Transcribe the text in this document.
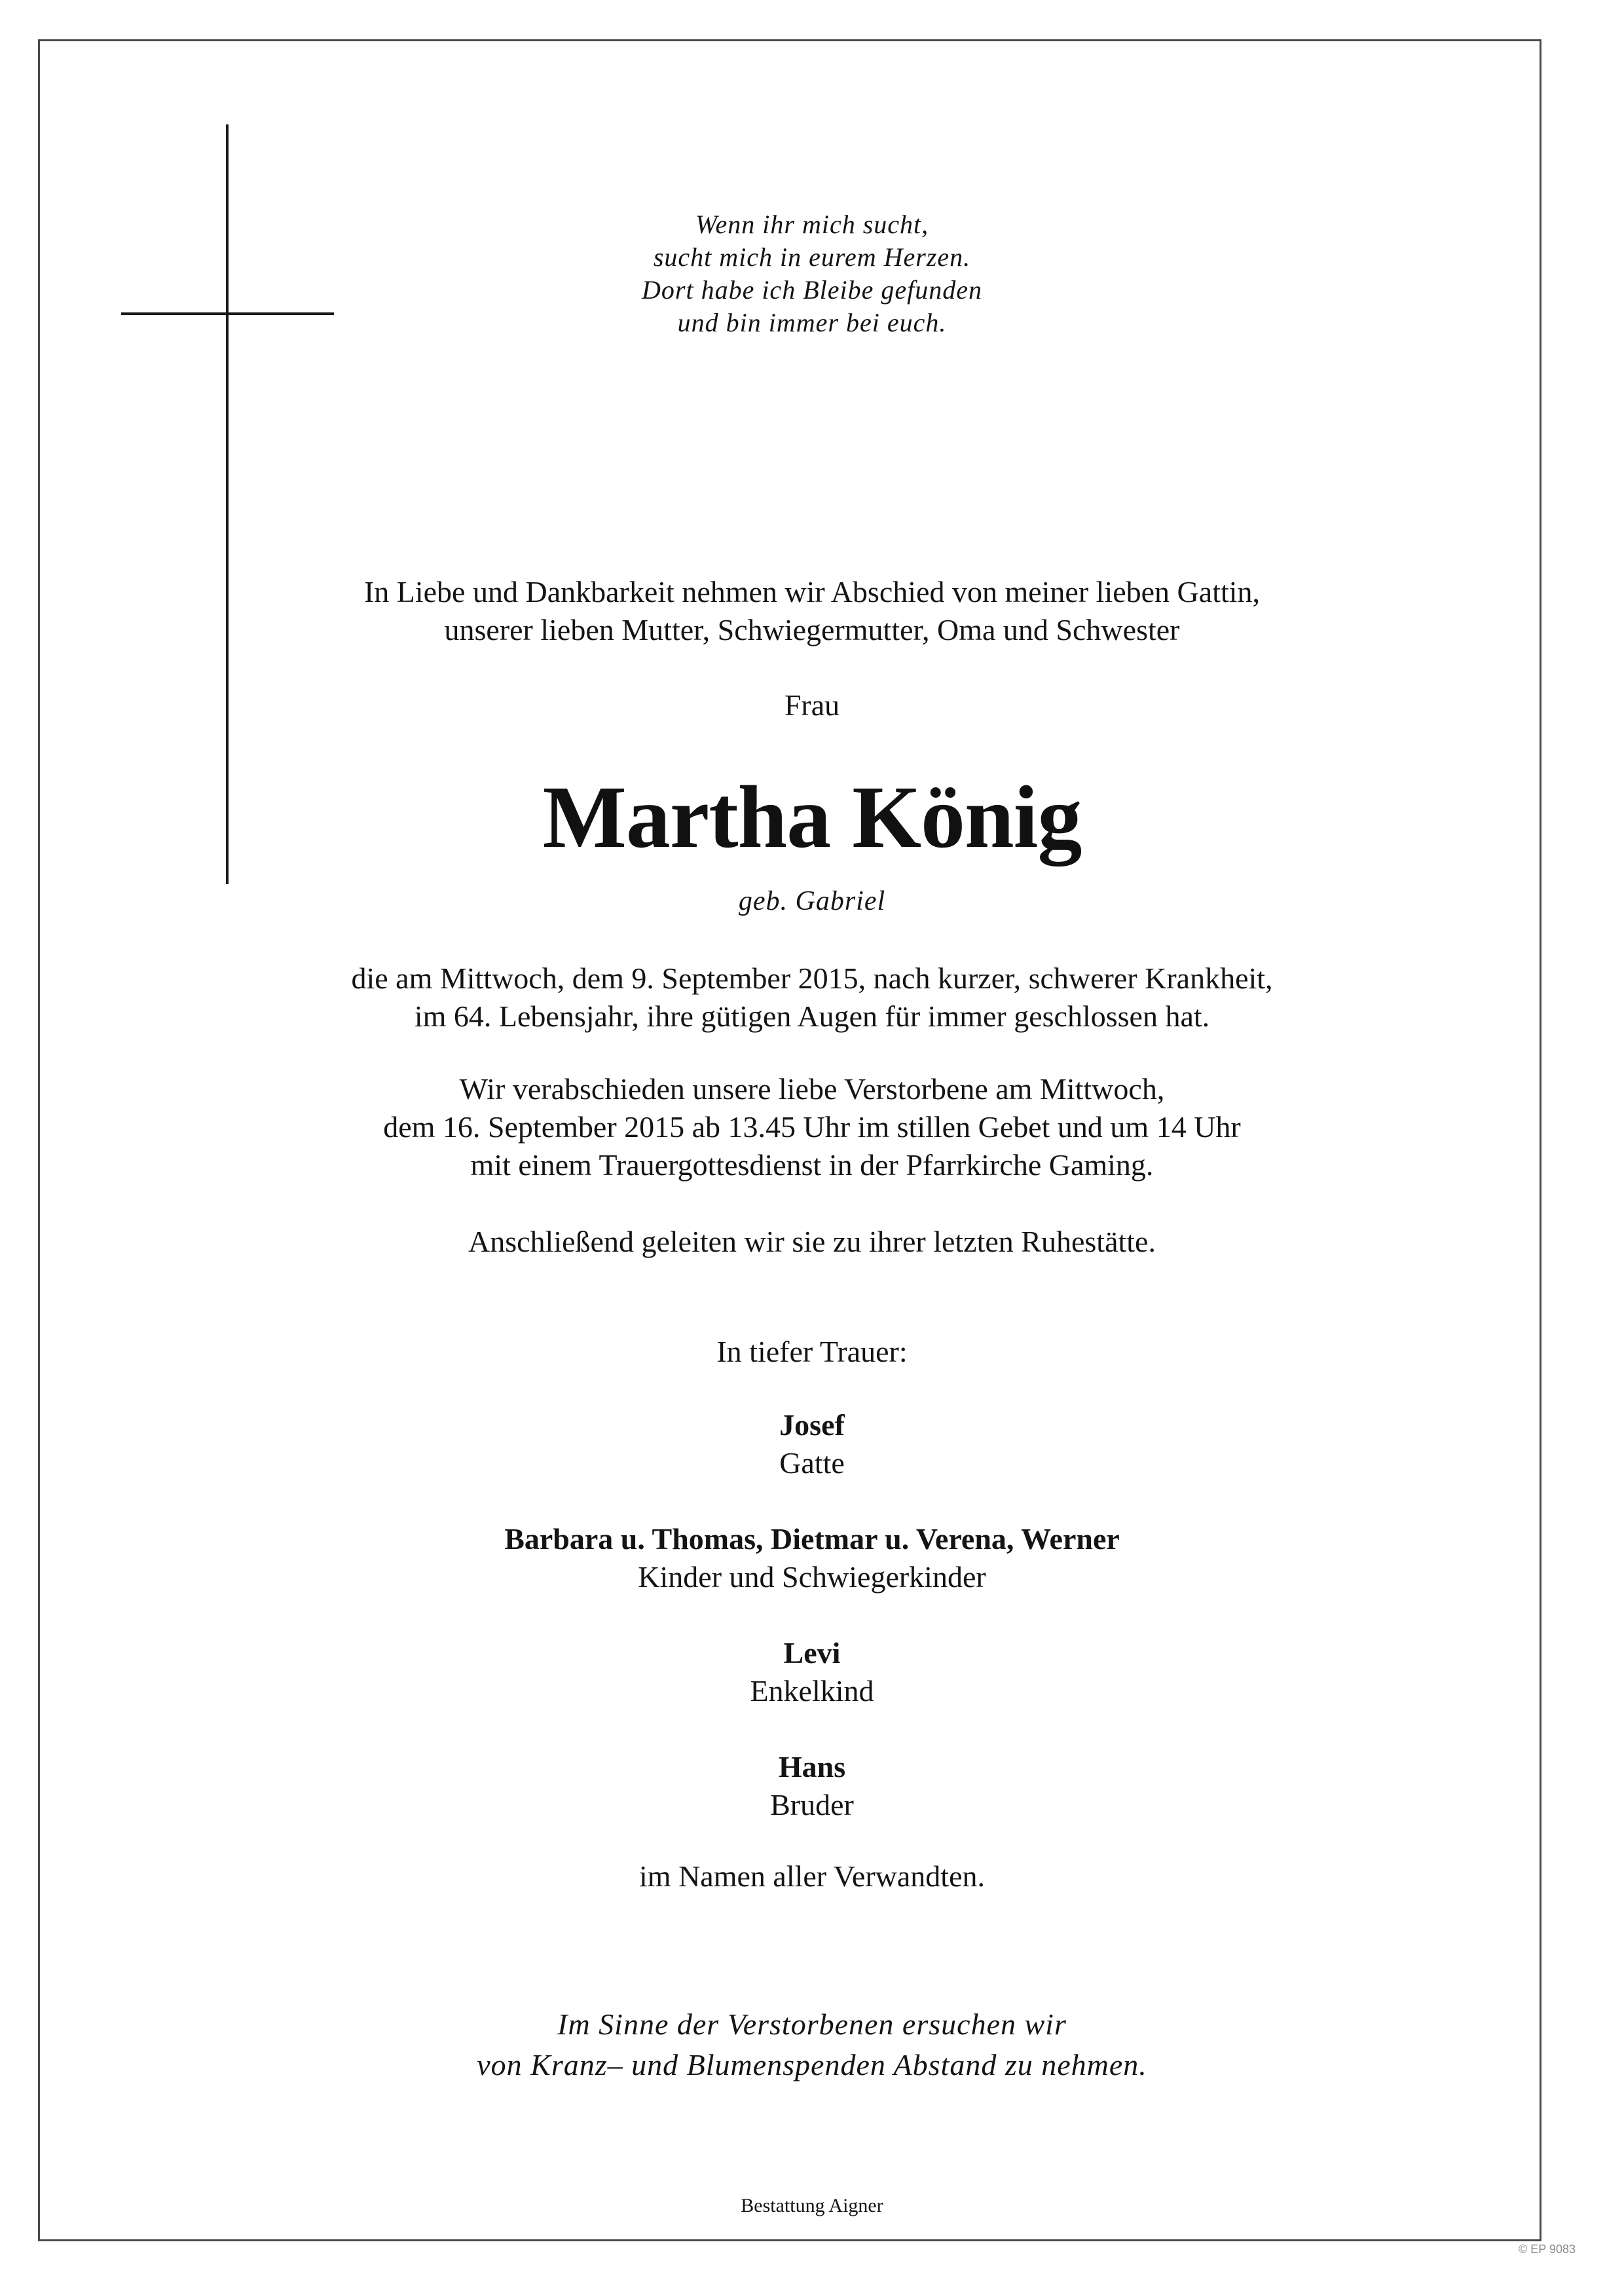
Wenn ihr mich sucht,
sucht mich in eurem Herzen.
Dort habe ich Bleibe gefunden
und bin immer bei euch.
In Liebe und Dankbarkeit nehmen wir Abschied von meiner lieben Gattin,
unserer lieben Mutter, Schwiegermutter, Oma und Schwester
Frau
Martha König
geb. Gabriel
die am Mittwoch, dem 9. September 2015, nach kurzer, schwerer Krankheit,
im 64. Lebensjahr, ihre gütigen Augen für immer geschlossen hat.
Wir verabschieden unsere liebe Verstorbene am Mittwoch,
dem 16. September 2015 ab 13.45 Uhr im stillen Gebet und um 14 Uhr
mit einem Trauergottesdienst in der Pfarrkirche Gaming.
Anschließend geleiten wir sie zu ihrer letzten Ruhestätte.
In tiefer Trauer:
Josef
Gatte
Barbara u. Thomas, Dietmar u. Verena, Werner
Kinder und Schwiegerkinder
Levi
Enkelkind
Hans
Bruder
im Namen aller Verwandten.
Im Sinne der Verstorbenen ersuchen wir
von Kranz– und Blumenspenden Abstand zu nehmen.
Bestattung Aigner
© EP 9083
